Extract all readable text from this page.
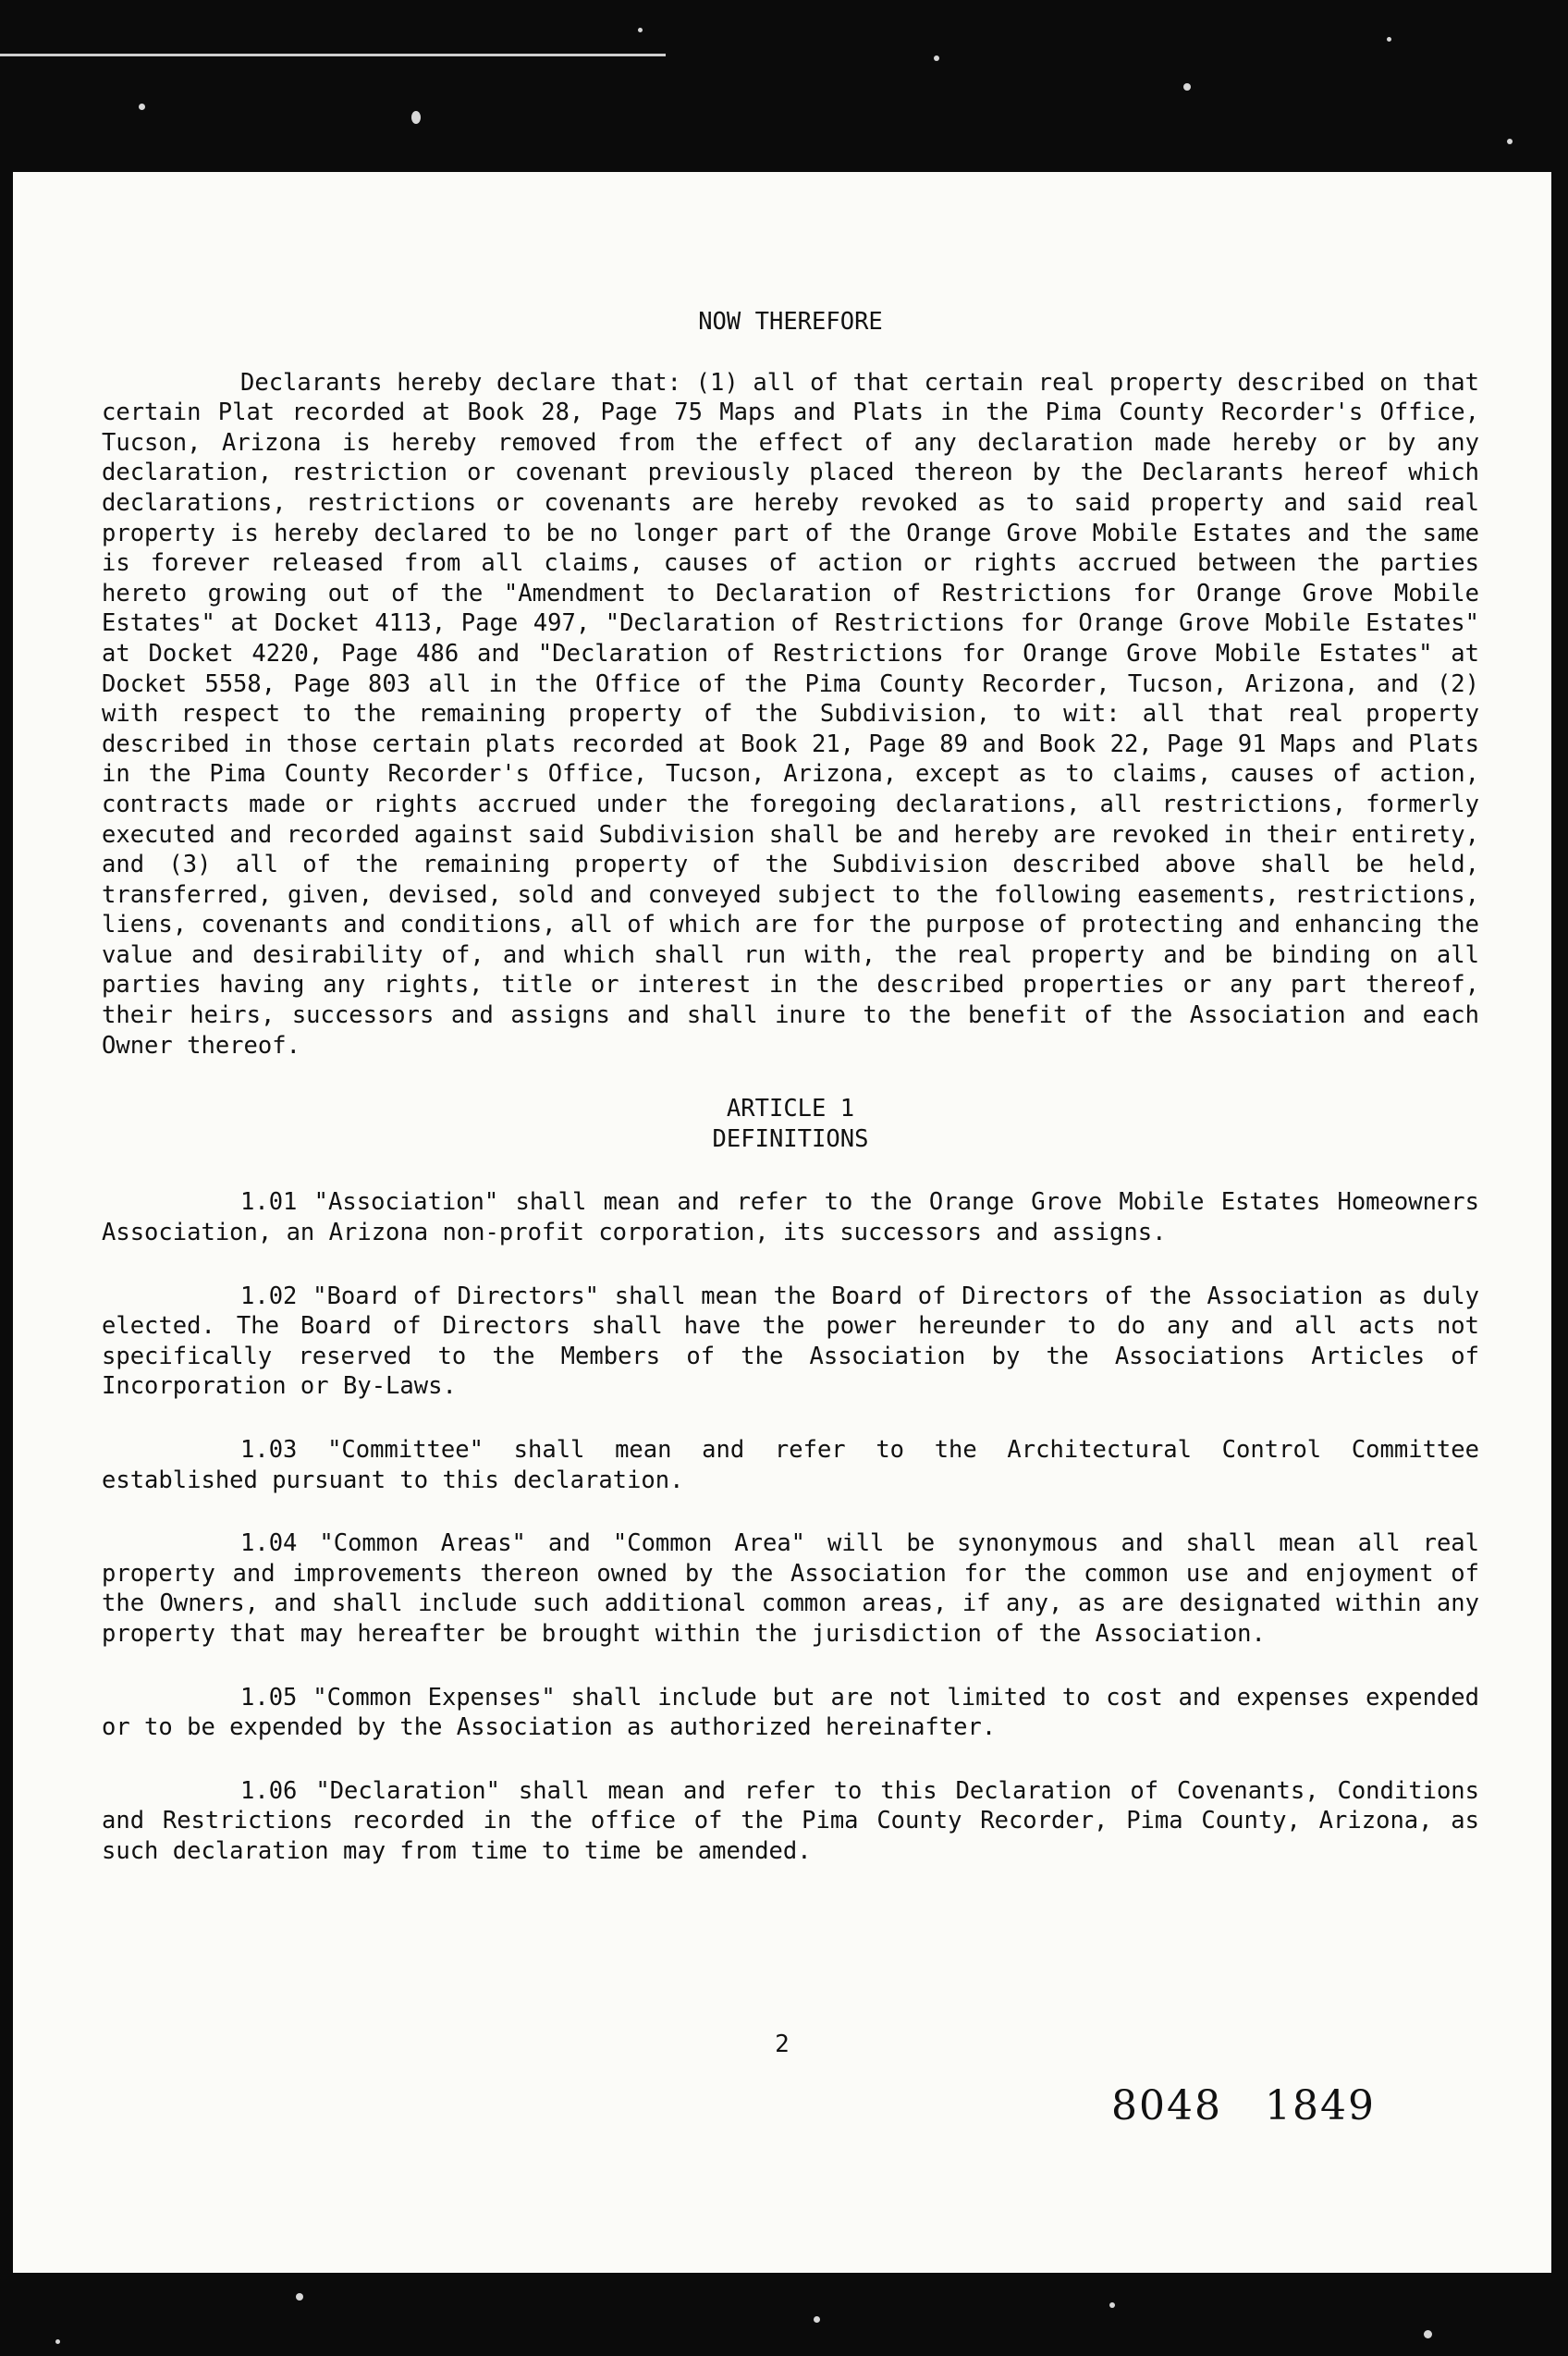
NOW THEREFORE

Declarants hereby declare that: (1) all of that certain real property described on that certain Plat recorded at Book 28, Page 75 Maps and Plats in the Pima County Recorder's Office, Tucson, Arizona is hereby removed from the effect of any declaration made hereby or by any declaration, restriction or covenant previously placed thereon by the Declarants hereof which declarations, restrictions or covenants are hereby revoked as to said property and said real property is hereby declared to be no longer part of the Orange Grove Mobile Estates and the same is forever released from all claims, causes of action or rights accrued between the parties hereto growing out of the "Amendment to Declaration of Restrictions for Orange Grove Mobile Estates" at Docket 4113, Page 497, "Declaration of Restrictions for Orange Grove Mobile Estates" at Docket 4220, Page 486 and "Declaration of Restrictions for Orange Grove Mobile Estates" at Docket 5558, Page 803 all in the Office of the Pima County Recorder, Tucson, Arizona, and (2) with respect to the remaining property of the Subdivision, to wit: all that real property described in those certain plats recorded at Book 21, Page 89 and Book 22, Page 91 Maps and Plats in the Pima County Recorder's Office, Tucson, Arizona, except as to claims, causes of action, contracts made or rights accrued under the foregoing declarations, all restrictions, formerly executed and recorded against said Subdivision shall be and hereby are revoked in their entirety, and (3) all of the remaining property of the Subdivision described above shall be held, transferred, given, devised, sold and conveyed subject to the following easements, restrictions, liens, covenants and conditions, all of which are for the purpose of protecting and enhancing the value and desirability of, and which shall run with, the real property and be binding on all parties having any rights, title or interest in the described properties or any part thereof, their heirs, successors and assigns and shall inure to the benefit of the Association and each Owner thereof.

ARTICLE 1

DEFINITIONS

1.01 "Association" shall mean and refer to the Orange Grove Mobile Estates Homeowners Association, an Arizona non-profit corporation, its successors and assigns.

1.02 "Board of Directors" shall mean the Board of Directors of the Association as duly elected. The Board of Directors shall have the power hereunder to do any and all acts not specifically reserved to the Members of the Association by the Associations Articles of Incorporation or By-Laws.

1.03 "Committee" shall mean and refer to the Architectural Control Committee established pursuant to this declaration.

1.04 "Common Areas" and "Common Area" will be synonymous and shall mean all real property and improvements thereon owned by the Association for the common use and enjoyment of the Owners, and shall include such additional common areas, if any, as are designated within any property that may hereafter be brought within the jurisdiction of the Association.

1.05 "Common Expenses" shall include but are not limited to cost and expenses expended or to be expended by the Association as authorized hereinafter.

1.06 "Declaration" shall mean and refer to this Declaration of Covenants, Conditions and Restrictions recorded in the office of the Pima County Recorder, Pima County, Arizona, as such declaration may from time to time be amended.

2
8048 1849
